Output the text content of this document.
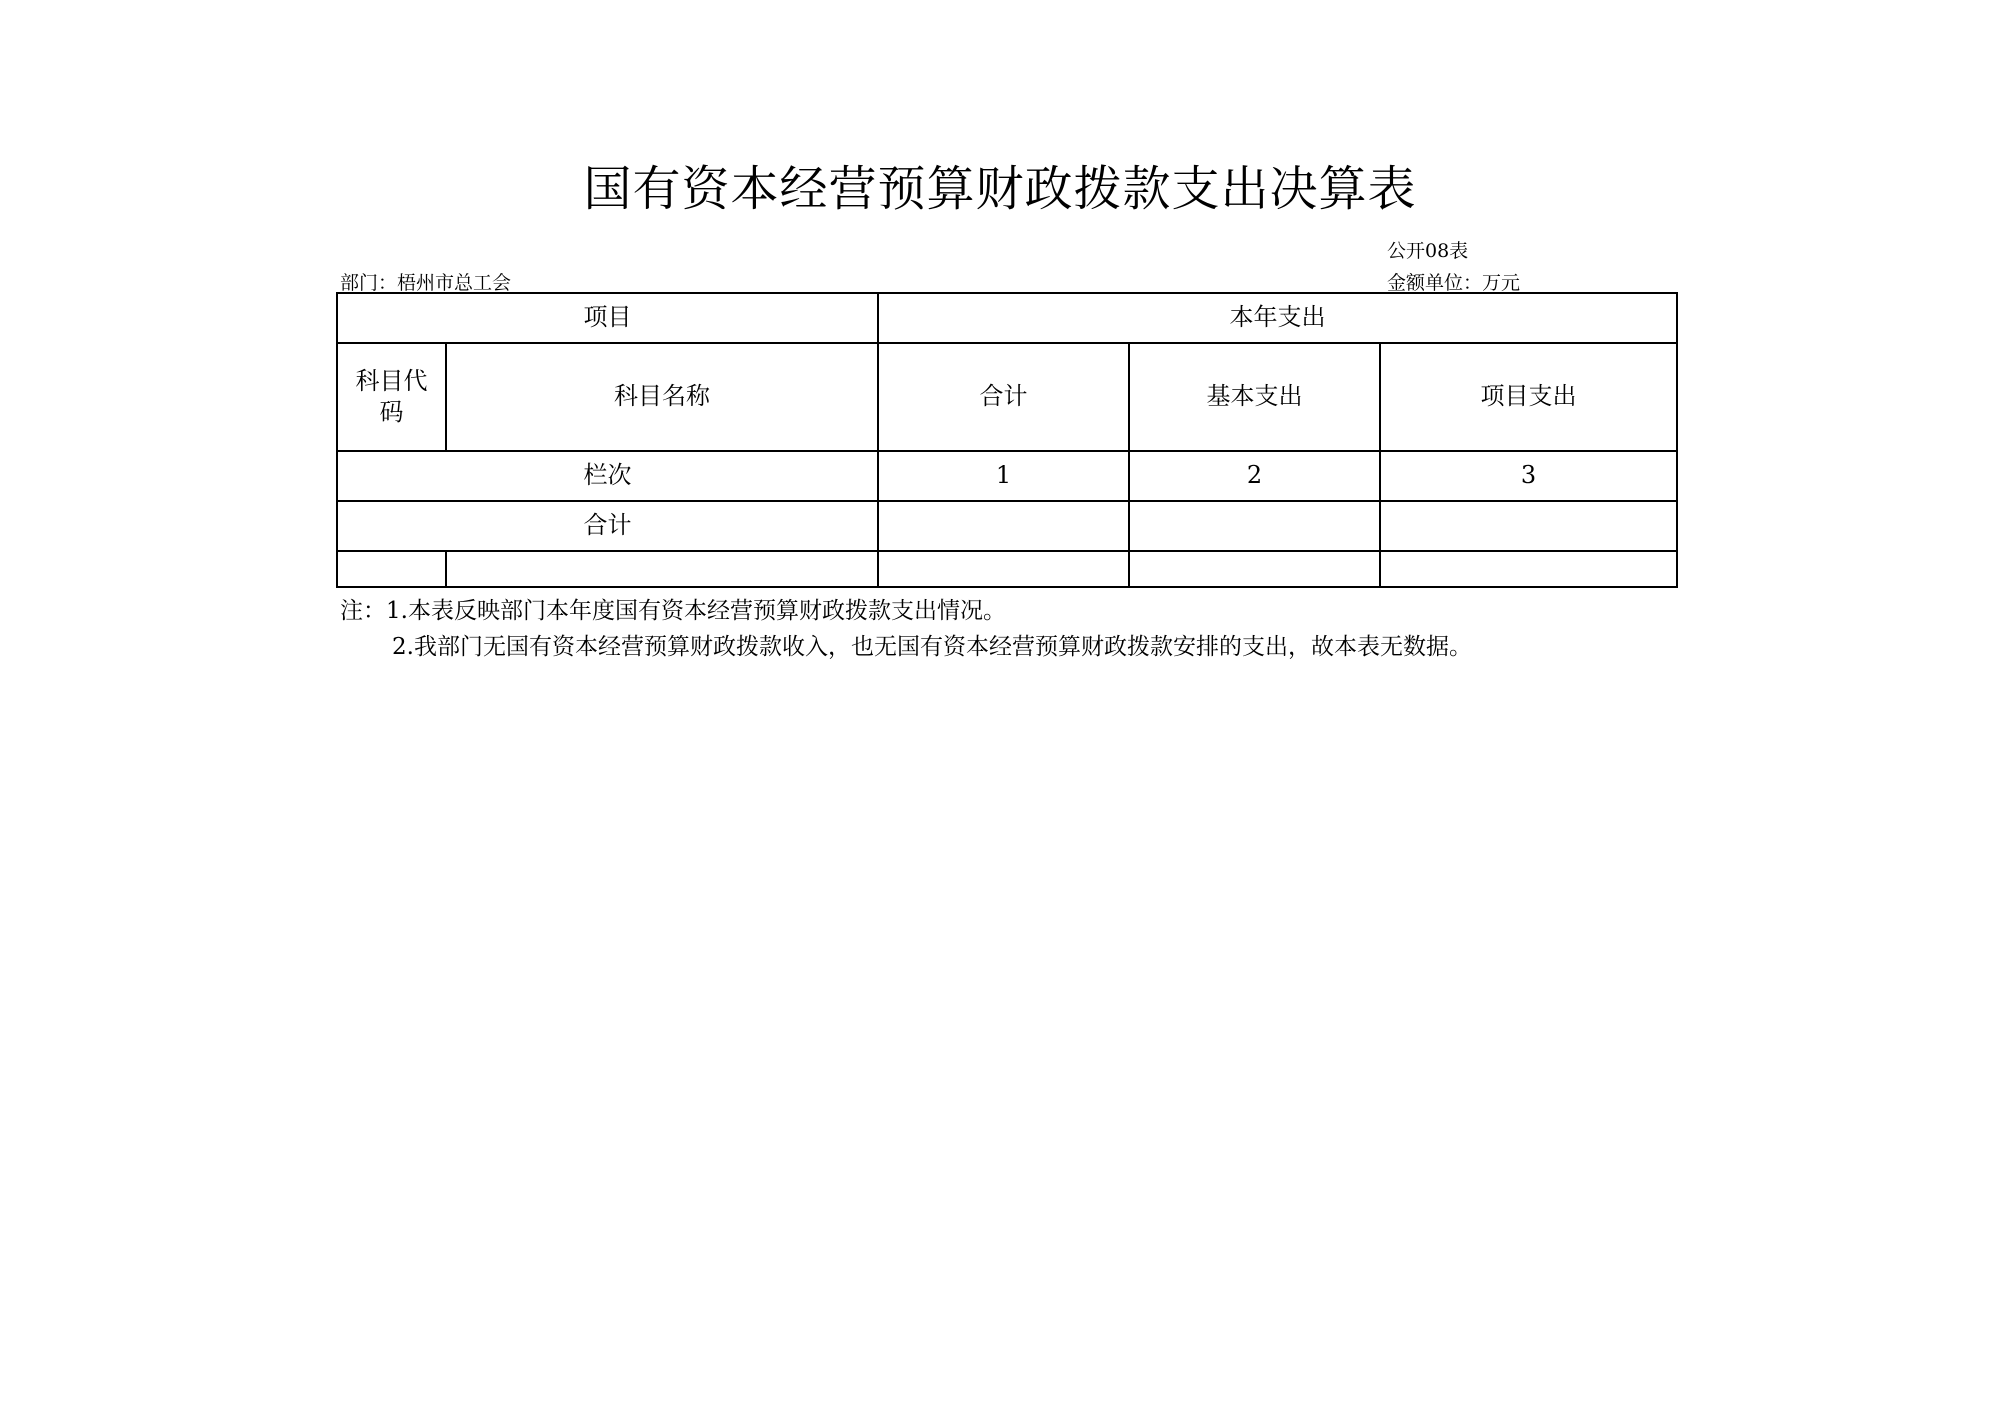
国有资本经营预算财政拨款支出决算表
公开08表
部门：梧州市总工会	金额单位：万元
项目		本年支出		
科目代码	科目名称	合计	基本支出	项目支出
栏次		1	2	3
合计				

注：1.本表反映部门本年度国有资本经营预算财政拨款支出情况。
2.我部门无国有资本经营预算财政拨款收入，也无国有资本经营预算财政拨款安排的支出，故本表无数据。
